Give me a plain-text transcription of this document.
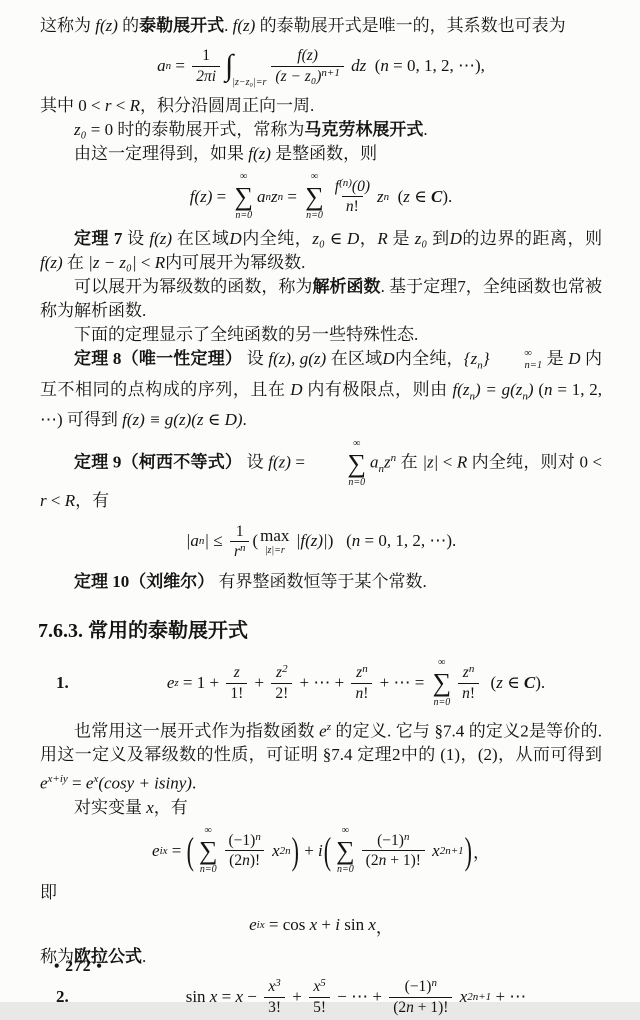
这称为 f(z) 的泰勒展开式. f(z) 的泰勒展开式是唯一的，其系数也可表为

a $n = \frac{1}{2\pi i}$ ∫
$|z-z_0|=r \frac{f(z)}{\text{(z − z₀) n+1}}$ dz ( n = 0, 1, 2, ⋯),

其中 0 < r < R，积分沿圆周正向一周.

z₀ = 0 时的泰勒展开式，常称为马克劳林展开式.

由这一定理得到，如果 f(z) 是整函数，则

f(z) =
∞
∑
n=0
a n z n =
∞
∑
$n=0 \frac{f (n) (0)}{n !}$ z n ( z ∈ C ).

定理 7 设 f(z) 在区域D内全纯，z₀ ∈ D，R 是 z₀ 到D的边界的距离，则 f(z) 在 |z − z₀| < R内可展开为幂级数.

可以展开为幂级数的函数，称为解析函数. 基于定理7，全纯函数也常被称为解析函数.

下面的定理显示了全纯函数的另一些特殊性态.

定理 8（唯一性定理） 设 f(z), g(z) 在区域D内全纯，$\{z_n\}$	∞
n=1 是 D 内互不相同的点构成的序列，且在 D 内有极限点，则由 $f(z_n) = g(z_n) (n = 1$, 2, ⋯) 可得到 f(z) ≡ g(z)(z ∈ D).

定理 9（柯西不等式） 设 f(z) =
∞
∑
n=0
$a_nz^n$ 在 |z| < R 内全纯，则对 0 < r < R，有

|a n | ≤ $\frac{1}{\text{r n}}$ ( max
|z|=r
|f(z)| )   ( n = 0, 1, 2, ⋯).

定理 10（刘维尔） 有界整函数恒等于某个常数.

7.6.3. 常用的泰勒展开式
1.	e $z = 1 + \frac{z}{1!} + \frac{z 2}{2!}$ + ⋯ + $\frac{\text{z n}}{n !}$ + ⋯ =
∞
∑
$n=0 \frac{\text{z n}}{n !}$ ( z ∈ C ).

也常用这一展开式作为指数函数 $e^z$ 的定义. 它与 §7.4 的定义2是等价的. 用这一定义及幂级数的性质，可证明 §7.4 定理2中的 (1)，(2)，从而可得到 $e^{x+iy} = e^x(\cos y + isiny)$.

对实变量 x，有

e ix = ( ∞
∑
$n=0 \frac{(-1) n}{(2 n )!}$ x 2n ) + i ( ∞
∑
$n=0 \frac{(-1) n}{(2 n + 1)!}$ x 2n+1 ) ，

即

e ix = cos x + i sin x ，

称为欧拉公式.

2.	$\sin x = x - \frac{x 3}{3!} + \frac{x 5}{5!}$ − ⋯ + $\frac{(-1) n}{(2 n + 1)!}$ x 2n+1 + ⋯
• 272 •
